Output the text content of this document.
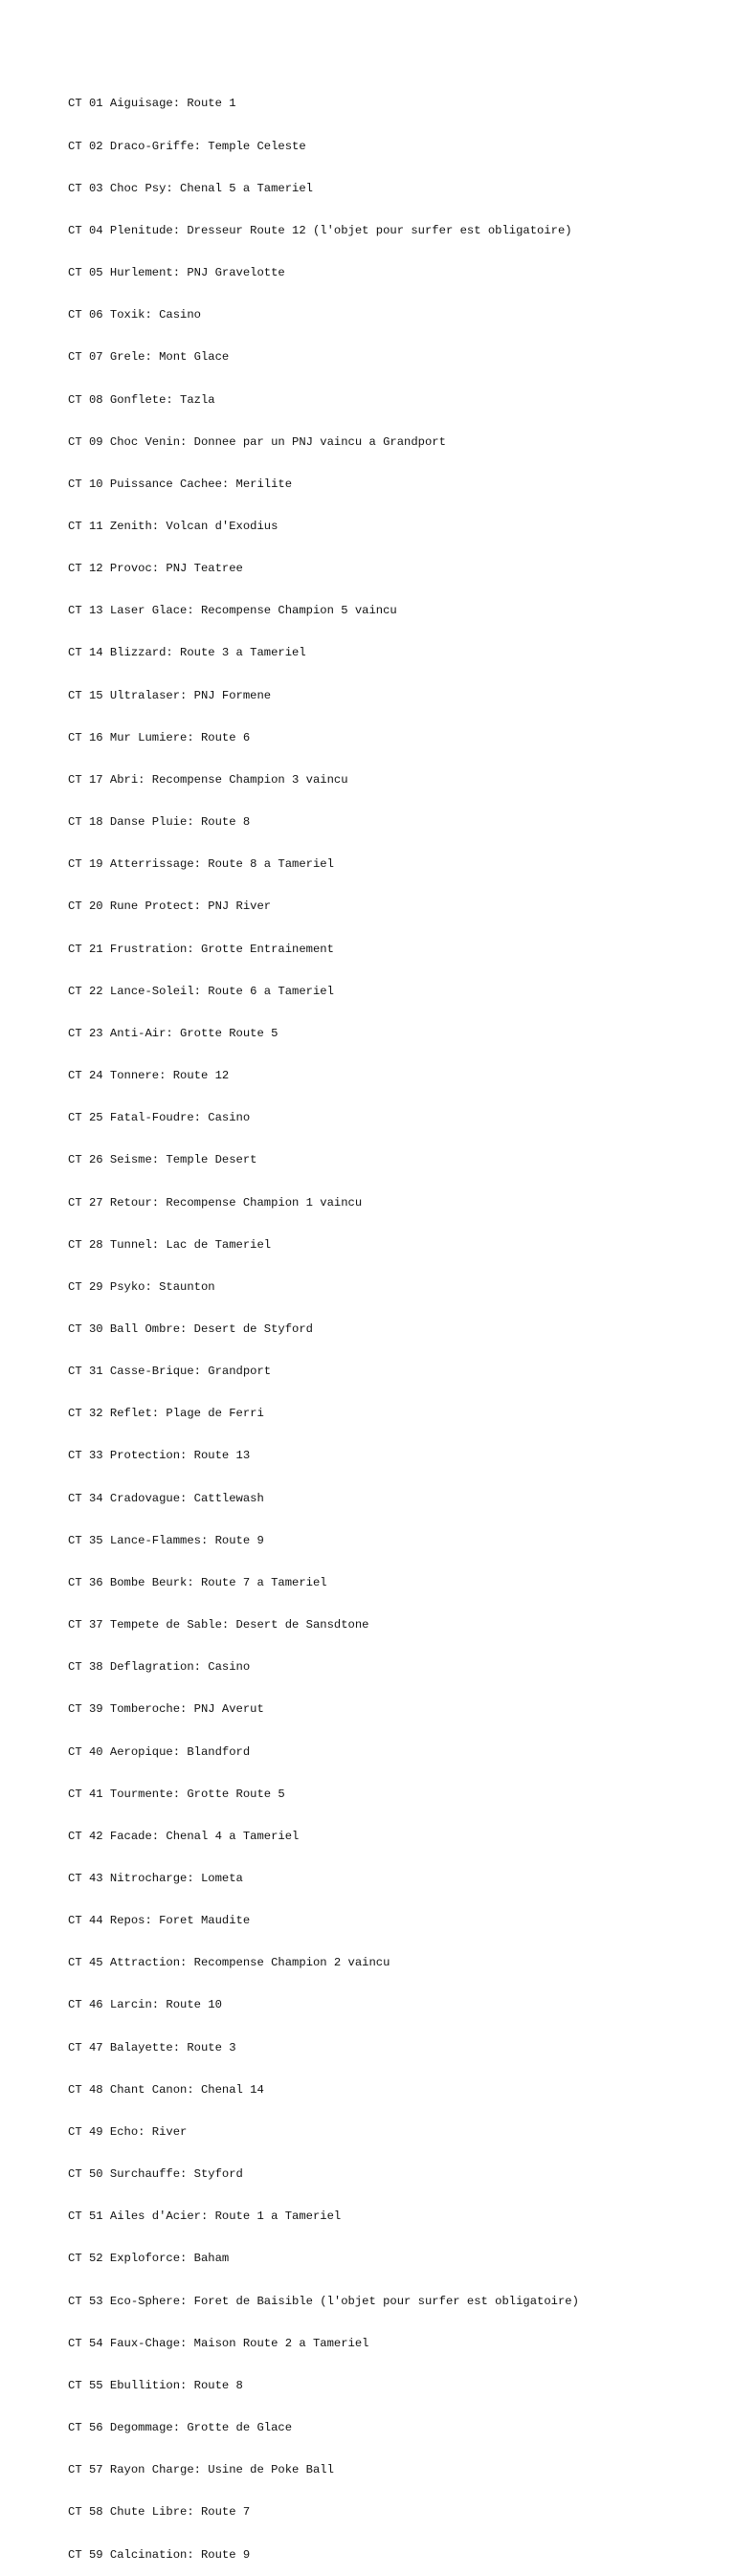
CT 01 Aiguisage: Route 1

CT 02 Draco-Griffe: Temple Celeste

CT 03 Choc Psy: Chenal 5 a Tameriel

CT 04 Plenitude: Dresseur Route 12 (l'objet pour surfer est obligatoire)

CT 05 Hurlement: PNJ Gravelotte

CT 06 Toxik: Casino

CT 07 Grele: Mont Glace

CT 08 Gonflete: Tazla

CT 09 Choc Venin: Donnee par un PNJ vaincu a Grandport

CT 10 Puissance Cachee: Merilite

CT 11 Zenith: Volcan d'Exodius

CT 12 Provoc: PNJ Teatree

CT 13 Laser Glace: Recompense Champion 5 vaincu

CT 14 Blizzard: Route 3 a Tameriel

CT 15 Ultralaser: PNJ Formene

CT 16 Mur Lumiere: Route 6

CT 17 Abri: Recompense Champion 3 vaincu

CT 18 Danse Pluie: Route 8

CT 19 Atterrissage: Route 8 a Tameriel

CT 20 Rune Protect: PNJ River

CT 21 Frustration: Grotte Entrainement

CT 22 Lance-Soleil: Route 6 a Tameriel

CT 23 Anti-Air: Grotte Route 5

CT 24 Tonnere: Route 12

CT 25 Fatal-Foudre: Casino

CT 26 Seisme: Temple Desert

CT 27 Retour: Recompense Champion 1 vaincu

CT 28 Tunnel: Lac de Tameriel

CT 29 Psyko: Staunton

CT 30 Ball Ombre: Desert de Styford

CT 31 Casse-Brique: Grandport

CT 32 Reflet: Plage de Ferri

CT 33 Protection: Route 13

CT 34 Cradovague: Cattlewash

CT 35 Lance-Flammes: Route 9

CT 36 Bombe Beurk: Route 7 a Tameriel

CT 37 Tempete de Sable: Desert de Sansdtone

CT 38 Deflagration: Casino

CT 39 Tomberoche: PNJ Averut

CT 40 Aeropique: Blandford

CT 41 Tourmente: Grotte Route 5

CT 42 Facade: Chenal 4 a Tameriel

CT 43 Nitrocharge: Lometa

CT 44 Repos: Foret Maudite

CT 45 Attraction: Recompense Champion 2 vaincu

CT 46 Larcin: Route 10

CT 47 Balayette: Route 3

CT 48 Chant Canon: Chenal 14

CT 49 Echo: River

CT 50 Surchauffe: Styford

CT 51 Ailes d'Acier: Route 1 a Tameriel

CT 52 Exploforce: Baham

CT 53 Eco-Sphere: Foret de Baisible (l'objet pour surfer est obligatoire)

CT 54 Faux-Chage: Maison Route 2 a Tameriel

CT 55 Ebullition: Route 8

CT 56 Degommage: Grotte de Glace

CT 57 Rayon Charge: Usine de Poke Ball

CT 58 Chute Libre: Route 7

CT 59 Calcination: Route 9
